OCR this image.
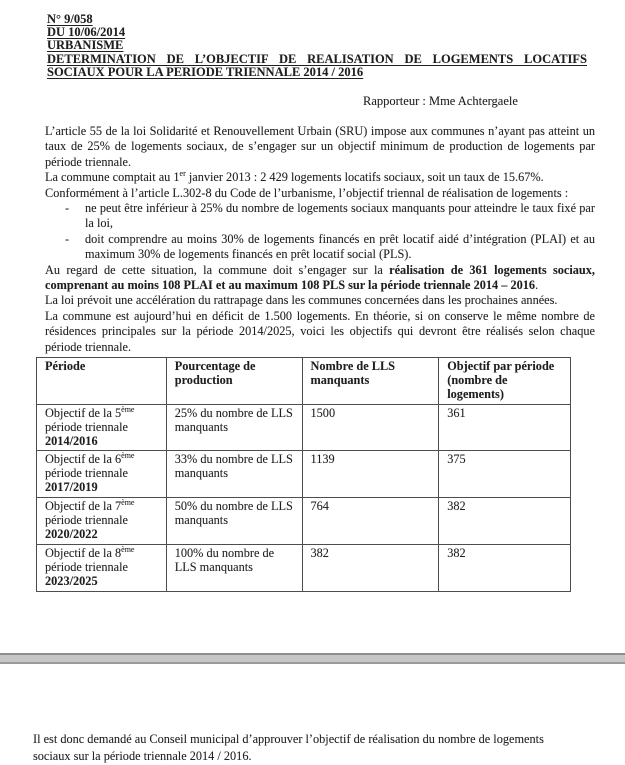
N° 9/058
DU 10/06/2014
URBANISME
DETERMINATION DE L’OBJECTIF DE REALISATION DE LOGEMENTS LOCATIFS
SOCIAUX POUR LA PERIODE TRIENNALE 2014 / 2016
Rapporteur : Mme Achtergaele
L’article 55 de la loi Solidarité et Renouvellement Urbain (SRU) impose aux communes n’ayant pas atteint un taux de 25% de logements sociaux, de s’engager sur un objectif minimum de production de logements par période triennale.
La commune comptait au 1er janvier 2013 : 2 429 logements locatifs sociaux, soit un taux de 15.67%.
Conformément à l’article L.302-8 du Code de l’urbanisme, l’objectif triennal de réalisation de logements :
-	ne peut être inférieur à 25% du nombre de logements sociaux manquants pour atteindre le taux fixé par la loi,
-	doit comprendre au moins 30% de logements financés en prêt locatif aidé d’intégration (PLAI) et au maximum 30% de logements financés en prêt locatif social (PLS).
Au regard de cette situation, la commune doit s’engager sur la réalisation de 361 logements sociaux, comprenant au moins 108 PLAI et au maximum 108 PLS sur la période triennale 2014 – 2016.
La loi prévoit une accélération du rattrapage dans les communes concernées dans les prochaines années.
La commune est aujourd’hui en déficit de 1.500 logements. En théorie, si on conserve le même nombre de résidences principales sur la période 2014/2025, voici les objectifs qui devront être réalisés selon chaque période triennale.
Période	Pourcentage de production	Nombre de LLS manquants	Objectif par période (nombre de logements)

Objectif de la 5ème
période triennale
2014/2016	25% du nombre de LLS manquants	1500	361

Objectif de la 6ème
période triennale
2017/2019	33% du nombre de LLS manquants	1139	375

Objectif de la 7ème
période triennale
2020/2022	50% du nombre de LLS manquants	764	382

Objectif de la 8ème
période triennale
2023/2025	100% du nombre de LLS manquants	382	382
Il est donc demandé au Conseil municipal d’approuver l’objectif de réalisation du nombre de logements sociaux sur la période triennale 2014 / 2016.
